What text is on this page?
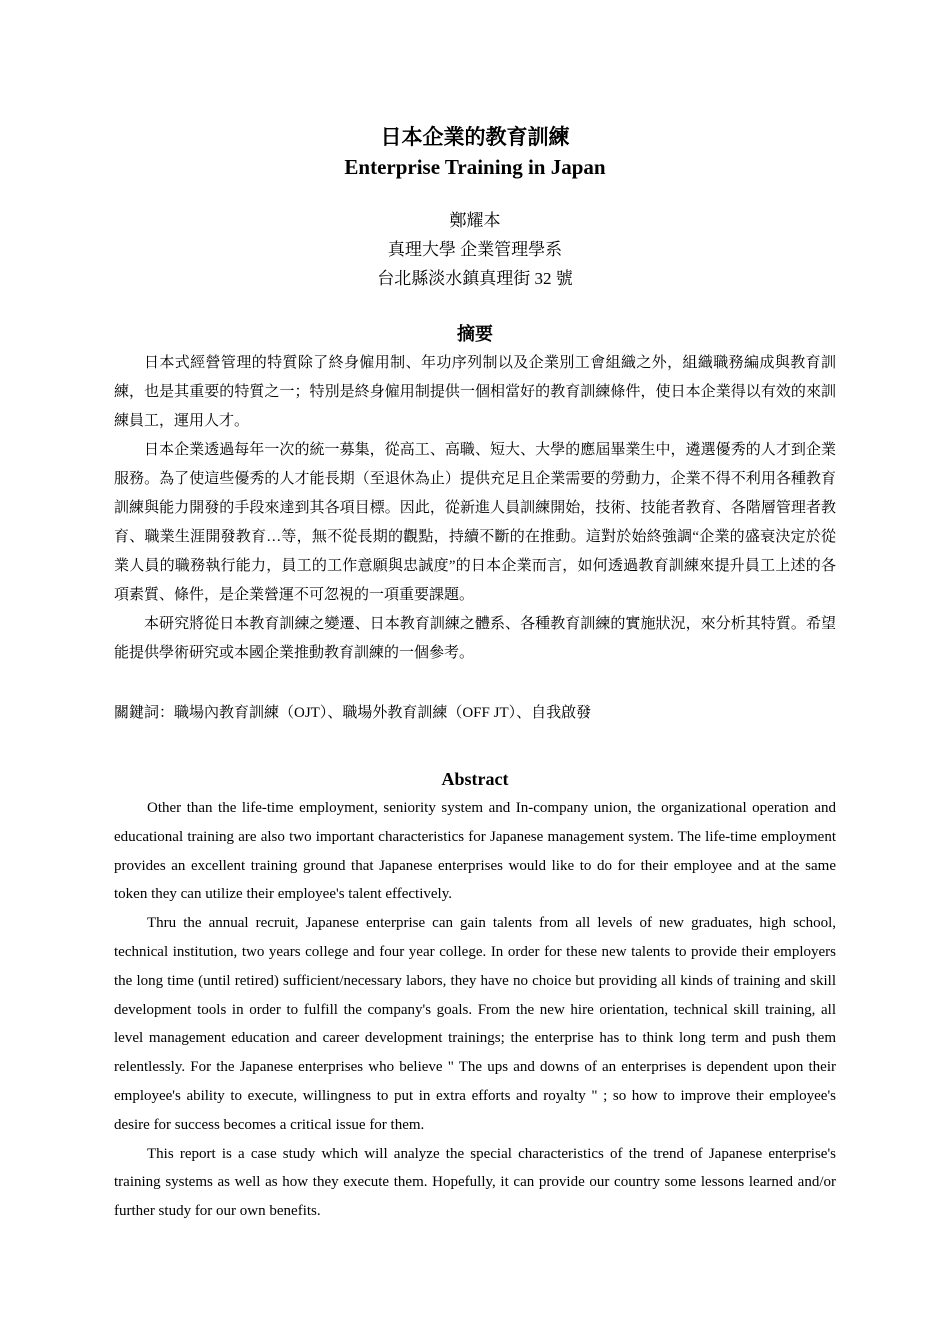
日本企業的教育訓練

Enterprise Training in Japan

鄭耀本

真理大學 企業管理學系

台北縣淡水鎮真理街 32 號

摘要

日本式經營管理的特質除了終身僱用制、年功序列制以及企業別工會組織之外，組織職務編成與教育訓練，也是其重要的特質之一；特別是終身僱用制提供一個相當好的教育訓練條件，使日本企業得以有效的來訓練員工，運用人才。

日本企業透過每年一次的統一募集，從高工、高職、短大、大學的應屆畢業生中，遴選優秀的人才到企業服務。為了使這些優秀的人才能長期（至退休為止）提供充足且企業需要的勞動力，企業不得不利用各種教育訓練與能力開發的手段來達到其各項目標。因此，從新進人員訓練開始，技術、技能者教育、各階層管理者教育、職業生涯開發教育…等，無不從長期的觀點，持續不斷的在推動。這對於始終強調“企業的盛衰決定於從業人員的職務執行能力，員工的工作意願與忠誠度”的日本企業而言，如何透過教育訓練來提升員工上述的各項素質、條件，是企業營運不可忽視的一項重要課題。

本研究將從日本教育訓練之變遷、日本教育訓練之體系、各種教育訓練的實施狀況，來分析其特質。希望能提供學術研究或本國企業推動教育訓練的一個參考。

關鍵詞：職場內教育訓練（OJT）、職場外教育訓練（OFF JT）、自我啟發

Abstract

Other than the life-time employment, seniority system and In-company union, the organizational operation and educational training are also two important characteristics for Japanese management system. The life-time employment provides an excellent training ground that Japanese enterprises would like to do for their employee and at the same token they can utilize their employee's talent effectively.

Thru the annual recruit, Japanese enterprise can gain talents from all levels of new graduates, high school, technical institution, two years college and four year college. In order for these new talents to provide their employers the long time (until retired) sufficient/necessary labors, they have no choice but providing all kinds of training and skill development tools in order to fulfill the company's goals. From the new hire orientation, technical skill training, all level management education and career development trainings; the enterprise has to think long term and push them relentlessly. For the Japanese enterprises who believe " The ups and downs of an enterprises is dependent upon their employee's ability to execute, willingness to put in extra efforts and royalty " ; so how to improve their employee's desire for success becomes a critical issue for them.

This report is a case study which will analyze the special characteristics of the trend of Japanese enterprise's training systems as well as how they execute them. Hopefully, it can provide our country some lessons learned and/or further study for our own benefits.
